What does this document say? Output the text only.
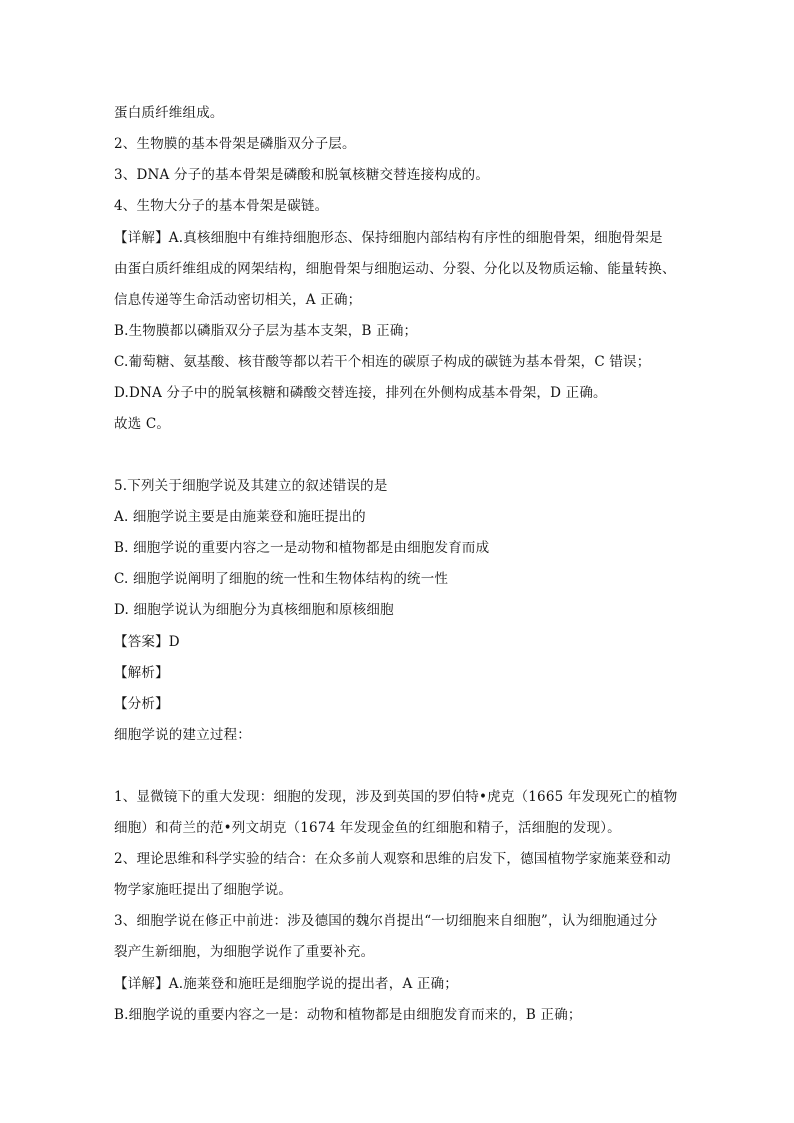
蛋白质纤维组成。
2、生物膜的基本骨架是磷脂双分子层。
3、DNA 分子的基本骨架是磷酸和脱氧核糖交替连接构成的。
4、生物大分子的基本骨架是碳链。
【详解】A.真核细胞中有维持细胞形态、保持细胞内部结构有序性的细胞骨架，细胞骨架是
由蛋白质纤维组成的网架结构，细胞骨架与细胞运动、分裂、分化以及物质运输、能量转换、
信息传递等生命活动密切相关，A 正确；
B.生物膜都以磷脂双分子层为基本支架，B 正确；
C.葡萄糖、氨基酸、核苷酸等都以若干个相连的碳原子构成的碳链为基本骨架，C 错误；
D.DNA 分子中的脱氧核糖和磷酸交替连接，排列在外侧构成基本骨架，D 正确。
故选 C。
5.下列关于细胞学说及其建立的叙述错误的是
A. 细胞学说主要是由施莱登和施旺提出的
B. 细胞学说的重要内容之一是动物和植物都是由细胞发育而成
C. 细胞学说阐明了细胞的统一性和生物体结构的统一性
D. 细胞学说认为细胞分为真核细胞和原核细胞
【答案】D
【解析】
【分析】
细胞学说的建立过程：
1、显微镜下的重大发现：细胞的发现，涉及到英国的罗伯特•虎克（1665 年发现死亡的植物
细胞）和荷兰的范•列文胡克（1674 年发现金鱼的红细胞和精子，活细胞的发现）。
2、理论思维和科学实验的结合：在众多前人观察和思维的启发下，德国植物学家施莱登和动
物学家施旺提出了细胞学说。
3、细胞学说在修正中前进：涉及德国的魏尔肖提出“一切细胞来自细胞”，认为细胞通过分
裂产生新细胞，为细胞学说作了重要补充。
【详解】A.施莱登和施旺是细胞学说的提出者，A 正确；
B.细胞学说的重要内容之一是：动物和植物都是由细胞发育而来的，B 正确；
